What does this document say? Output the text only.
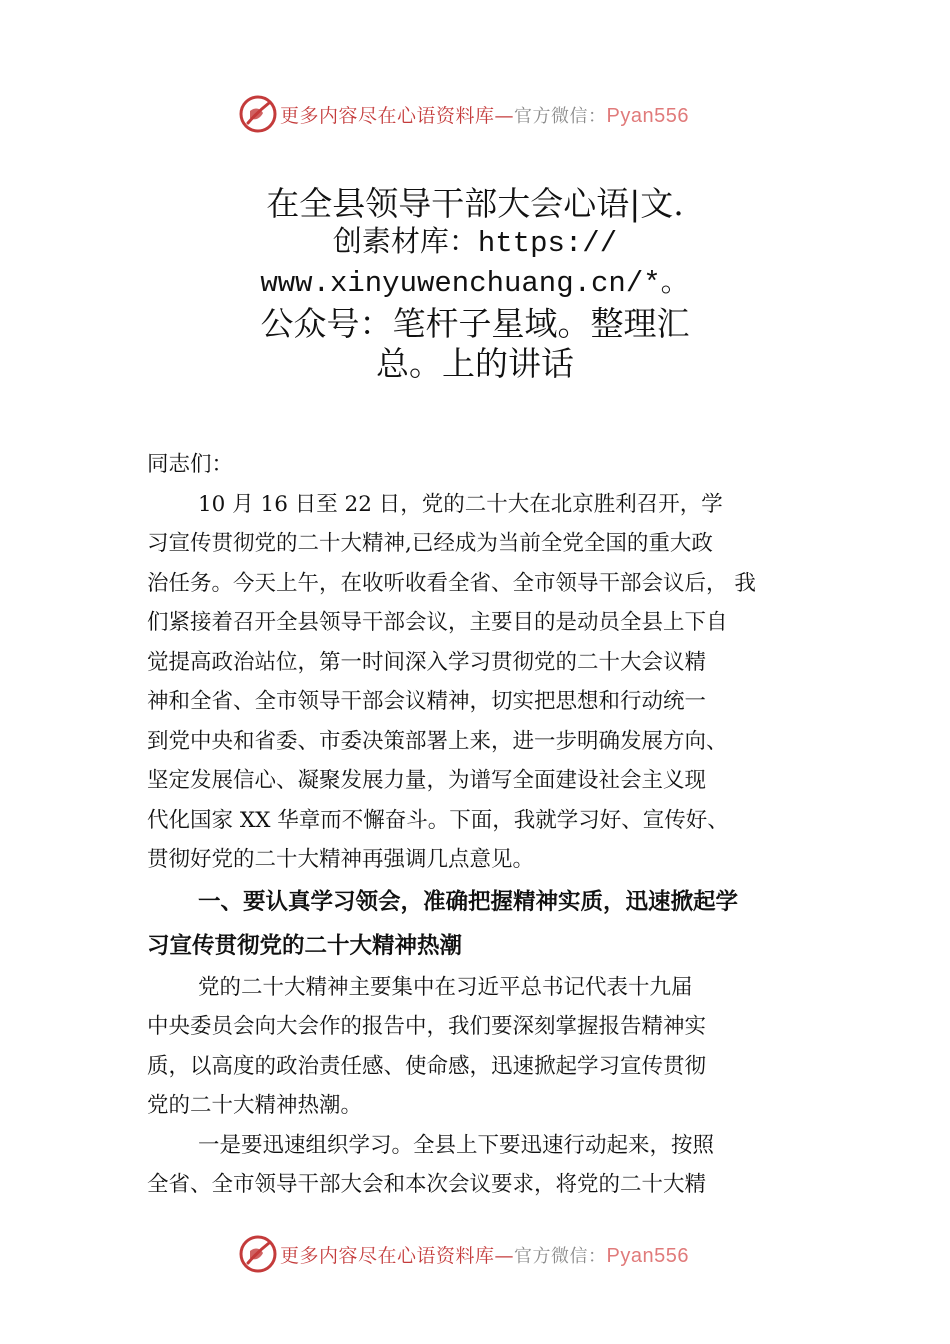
更多内容尽在心语资料库—官方微信：Pyan556
在全县领导干部大会心语|文.
创素材库：https://
www.xinyuwenchuang.cn/*。
公众号：笔杆子星域。整理汇
总。上的讲话
同志们：
10 月 16 日至 22 日，党的二十大在北京胜利召开，学
习宣传贯彻党的二十大精神,已经成为当前全党全国的重大政
治任务。今天上午，在收听收看全省、全市领导干部会议后， 我
们紧接着召开全县领导干部会议，主要目的是动员全县上下自
觉提高政治站位，第一时间深入学习贯彻党的二十大会议精
神和全省、全市领导干部会议精神，切实把思想和行动统一
到党中央和省委、市委决策部署上来，进一步明确发展方向、
坚定发展信心、凝聚发展力量，为谱写全面建设社会主义现
代化国家 XX 华章而不懈奋斗。下面，我就学习好、宣传好、
贯彻好党的二十大精神再强调几点意见。
一、要认真学习领会，准确把握精神实质，迅速掀起学
习宣传贯彻党的二十大精神热潮
党的二十大精神主要集中在习近平总书记代表十九届
中央委员会向大会作的报告中，我们要深刻掌握报告精神实
质，以高度的政治责任感、使命感，迅速掀起学习宣传贯彻
党的二十大精神热潮。
一是要迅速组织学习。全县上下要迅速行动起来，按照
全省、全市领导干部大会和本次会议要求，将党的二十大精
更多内容尽在心语资料库—官方微信：Pyan556
